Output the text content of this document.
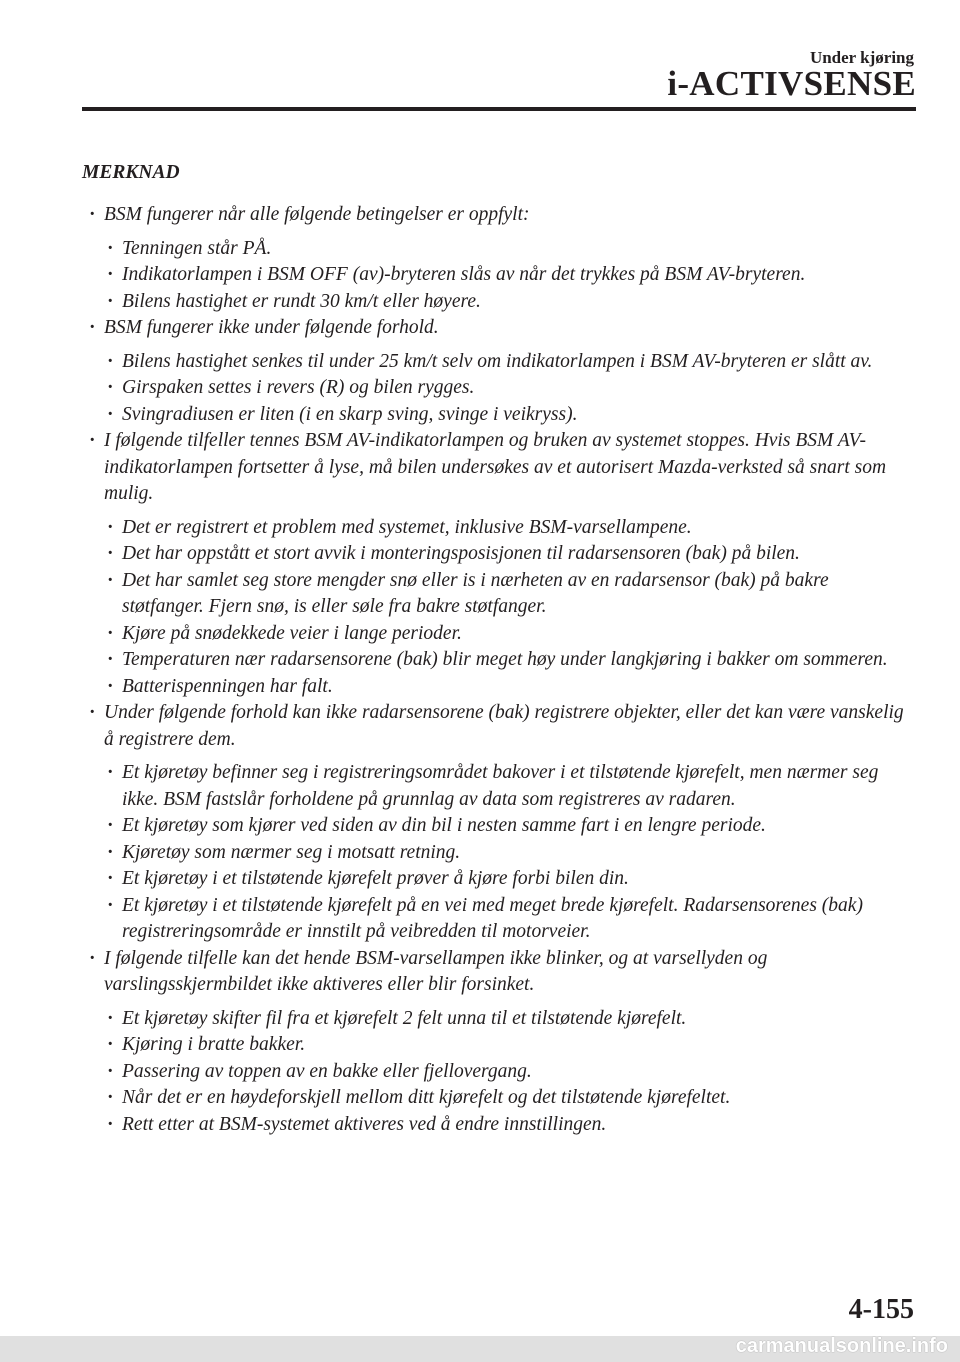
Under kjøring
i-ACTIVSENSE
MERKNAD
· BSM fungerer når alle følgende betingelser er oppfylt:
· Tenningen står PÅ.
· Indikatorlampen i BSM OFF (av)-bryteren slås av når det trykkes på BSM AV-bryteren.
· Bilens hastighet er rundt 30 km/t eller høyere.
· BSM fungerer ikke under følgende forhold.
· Bilens hastighet senkes til under 25 km/t selv om indikatorlampen i BSM AV-bryteren er slått av.
· Girspaken settes i revers (R) og bilen rygges.
· Svingradiusen er liten (i en skarp sving, svinge i veikryss).
· I følgende tilfeller tennes BSM AV-indikatorlampen og bruken av systemet stoppes. Hvis BSM AV-indikatorlampen fortsetter å lyse, må bilen undersøkes av et autorisert Mazda-verksted så snart som mulig.
· Det er registrert et problem med systemet, inklusive BSM-varsellampene.
· Det har oppstått et stort avvik i monteringsposisjonen til radarsensoren (bak) på bilen.
· Det har samlet seg store mengder snø eller is i nærheten av en radarsensor (bak) på bakre støtfanger. Fjern snø, is eller søle fra bakre støtfanger.
· Kjøre på snødekkede veier i lange perioder.
· Temperaturen nær radarsensorene (bak) blir meget høy under langkjøring i bakker om sommeren.
· Batterispenningen har falt.
· Under følgende forhold kan ikke radarsensorene (bak) registrere objekter, eller det kan være vanskelig å registrere dem.
· Et kjøretøy befinner seg i registreringsområdet bakover i et tilstøtende kjørefelt, men nærmer seg ikke. BSM fastslår forholdene på grunnlag av data som registreres av radaren.
· Et kjøretøy som kjører ved siden av din bil i nesten samme fart i en lengre periode.
· Kjøretøy som nærmer seg i motsatt retning.
· Et kjøretøy i et tilstøtende kjørefelt prøver å kjøre forbi bilen din.
· Et kjøretøy i et tilstøtende kjørefelt på en vei med meget brede kjørefelt. Radarsensorenes (bak) registreringsområde er innstilt på veibredden til motorveier.
· I følgende tilfelle kan det hende BSM-varsellampen ikke blinker, og at varsellyden og varslingsskjermbildet ikke aktiveres eller blir forsinket.
· Et kjøretøy skifter fil fra et kjørefelt 2 felt unna til et tilstøtende kjørefelt.
· Kjøring i bratte bakker.
· Passering av toppen av en bakke eller fjellovergang.
· Når det er en høydeforskjell mellom ditt kjørefelt og det tilstøtende kjørefeltet.
· Rett etter at BSM-systemet aktiveres ved å endre innstillingen.
4-155
carmanualsonline.info
